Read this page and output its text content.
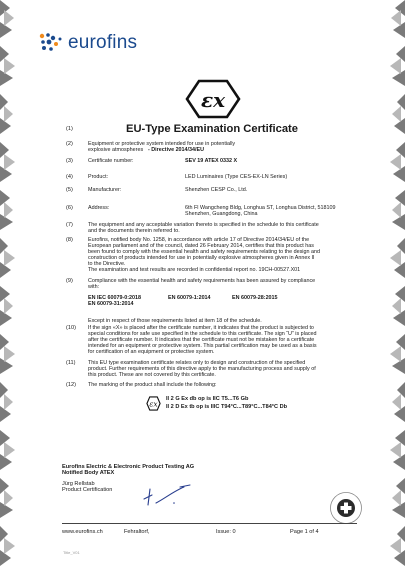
eurofins
εx
(1)	EU-Type Examination Certificate
(2)	Equipment or protective system intended for use in potentially
explosive atmospheres - Directive 2014/34/EU
(3)	Certificate number:	SEV 19 ATEX 0332 X
(4)	Product:	LED Luminaires (Type CES-EX-LN Series)
(5)	Manufacturer:	Shenzhen CESP Co., Ltd.
(6)	Address:	6th Fl Wangcheng Bldg, Longhua ST, Longhua District, 518109
Shenzhen, Guangdong, China
(7)	The equipment and any acceptable variation thereto is specified in the schedule to this certificate
and the documents therein referred to.
(8)	Eurofins, notified body No. 1258, in accordance with article 17 of Directive 2014/34/EU of the
European parliament and of the council, dated 26 February 2014, certifies that this product has
been found to comply with the essential health and safety requirements relating to the design and
construction of products intended for use in potentially explosive atmospheres given in Annex II
to the Directive.
The examination and test results are recorded in confidential report no. 19CH-00527.X01
(9)	Compliance with the essential health and safety requirements has been assured by compliance
with:
EN IEC 60079-0:2018	EN 60079-1:2014	EN 60079-28:2015
EN 60079-31:2014
Except in respect of those requirements listed at item 18 of the schedule.
(10) If the sign «X» is placed after the certificate number, it indicates that the product is subjected to
special conditions for safe use specified in the schedule to this certificate. The sign “U” is placed
after the certificate number. It indicates that the certificate must not be mistaken for a certificate
intended for an equipment or protective system. This partial certification may be used as a basis
for certification of an equipment or protective system.
(11) This EU type examination certificate relates only to design and construction of the specified
product. Further requirements of this directive apply to the manufacturing process and supply of
this product. These are not covered by this certificate.
(12) The marking of the product shall include the following:
εx
II 2 G Ex db op is IIC T5...T6 Gb
II 2 D Ex tb op is IIIC T94°C...T89°C...T84°C Db
Eurofins Electric & Electronic Product Testing AG
Notified Body ATEX
Jürg Rellstab
Product Certification
www.eurofins.ch	Fehraltorf,	Issue: 0	Page 1 of 4
Title_V01
